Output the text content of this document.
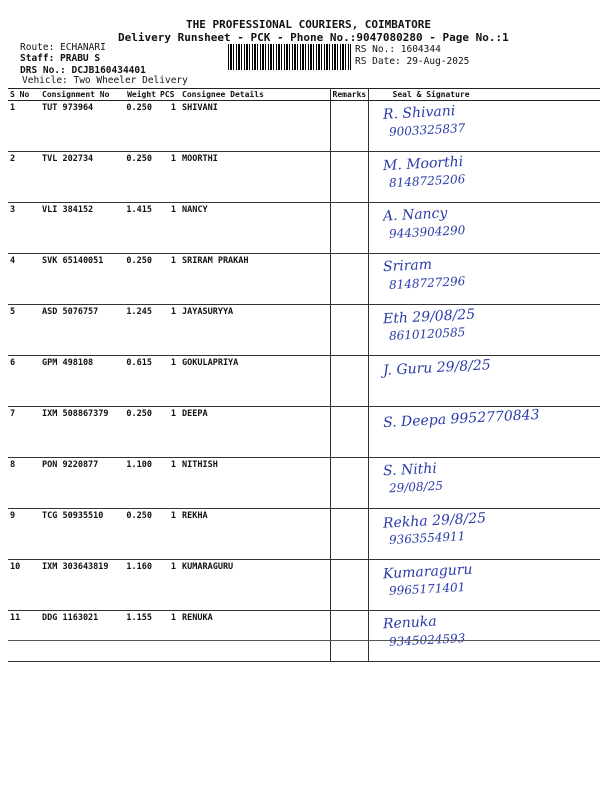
THE PROFESSIONAL COURIERS, COIMBATORE
Delivery Runsheet - PCK - Phone No.:9047080280 - Page No.:1
Route: ECHANARI
Staff: PRABU S
DRS No.: DCJB160434401
Vehicle: Two Wheeler Delivery
RS No.: 1604344
RS Date: 29-Aug-2025
S No	Consignment No	Weight	PCS	Consignee Details	Remarks	Seal & Signature
1	TUT 973964	0.250	1	SHIVANI		R. Shivani
9003325837

2	TVL 202734	0.250	1	MOORTHI		M. Moorthi
8148725206

3	VLI 384152	1.415	1	NANCY		A. Nancy
9443904290

4	SVK 65140051	0.250	1	SRIRAM PRAKAH		Sriram
8148727296

5	ASD 5076757	1.245	1	JAYASURYYA		Eth 29/08/25
8610120585

6	GPM 498108	0.615	1	GOKULAPRIYA		J. Guru 29/8/25

7	IXM 508867379	0.250	1	DEEPA		S. Deepa 9952770843

8	PON 9220877	1.100	1	NITHISH		S. Nithi
29/08/25

9	TCG 50935510	0.250	1	REKHA		Rekha 29/8/25
9363554911

10	IXM 303643819	1.160	1	KUMARAGURU		Kumaraguru
9965171401

11	DDG 1163021	1.155	1	RENUKA		Renuka
9345024593
